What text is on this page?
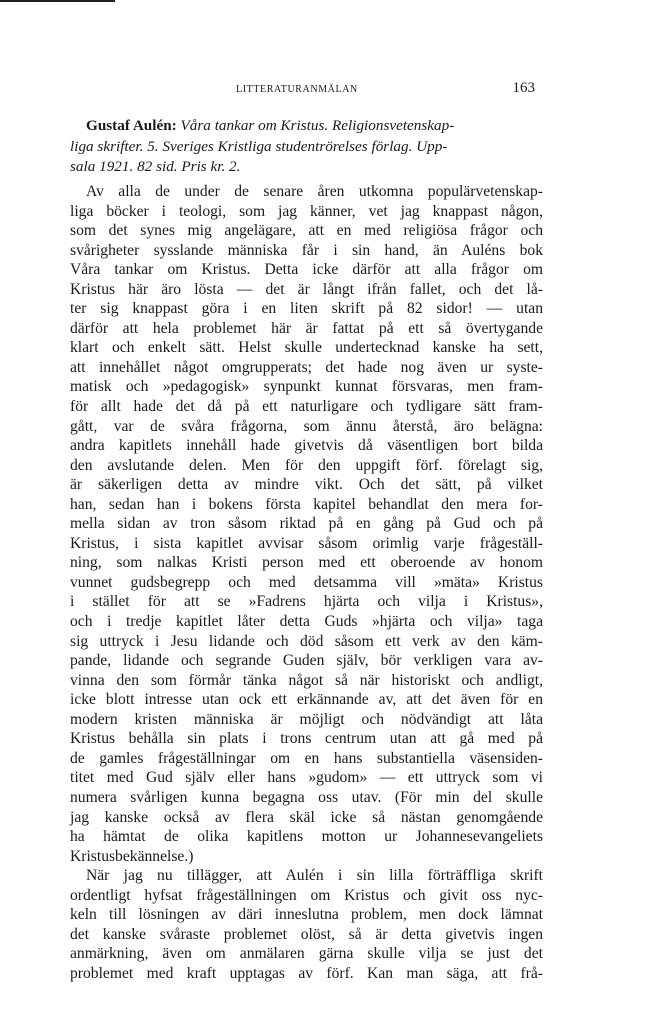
LITTERATURANMÄLAN	163
Gustaf Aulén: Våra tankar om Kristus. Religionsvetenskap-
liga skrifter. 5. Sveriges Kristliga studentrörelses förlag. Upp-
sala 1921. 82 sid. Pris kr. 2.
Av alla de under de senare åren utkomna populärvetenskap-
liga böcker i teologi, som jag känner, vet jag knappast någon,
som det synes mig angelägare, att en med religiösa frågor och
svårigheter sysslande människa får i sin hand, än Auléns bok
Våra tankar om Kristus. Detta icke därför att alla frågor om
Kristus här äro lösta — det är långt ifrån fallet, och det lå-
ter sig knappast göra i en liten skrift på 82 sidor! — utan
därför att hela problemet här är fattat på ett så övertygande
klart och enkelt sätt. Helst skulle undertecknad kanske ha sett,
att innehållet något omgrupperats; det hade nog även ur syste-
matisk och »pedagogisk» synpunkt kunnat försvaras, men fram-
för allt hade det då på ett naturligare och tydligare sätt fram-
gått, var de svåra frågorna, som ännu återstå, äro belägna:
andra kapitlets innehåll hade givetvis då väsentligen bort bilda
den avslutande delen. Men för den uppgift förf. förelagt sig,
är säkerligen detta av mindre vikt. Och det sätt, på vilket
han, sedan han i bokens första kapitel behandlat den mera for-
mella sidan av tron såsom riktad på en gång på Gud och på
Kristus, i sista kapitlet avvisar såsom orimlig varje frågeställ-
ning, som nalkas Kristi person med ett oberoende av honom
vunnet gudsbegrepp och med detsamma vill »mäta» Kristus
i stället för att se »Fadrens hjärta och vilja i Kristus»,
och i tredje kapitlet låter detta Guds »hjärta och vilja» taga
sig uttryck i Jesu lidande och död såsom ett verk av den käm-
pande, lidande och segrande Guden själv, bör verkligen vara av-
vinna den som förmår tänka något så när historiskt och andligt,
icke blott intresse utan ock ett erkännande av, att det även för en
modern kristen människa är möjligt och nödvändigt att låta
Kristus behålla sin plats i trons centrum utan att gå med på
de gamles frågeställningar om en hans substantiella väsensiden-
titet med Gud själv eller hans »gudom» — ett uttryck som vi
numera svårligen kunna begagna oss utav. (För min del skulle
jag kanske också av flera skäl icke så nästan genomgående
ha hämtat de olika kapitlens motton ur Johannesevangeliets
Kristusbekännelse.)
När jag nu tillägger, att Aulén i sin lilla förträffliga skrift
ordentligt hyfsat frågeställningen om Kristus och givit oss nyc-
keln till lösningen av däri inneslutna problem, men dock lämnat
det kanske svåraste problemet olöst, så är detta givetvis ingen
anmärkning, även om anmälaren gärna skulle vilja se just det
problemet med kraft upptagas av förf. Kan man säga, att frå-
